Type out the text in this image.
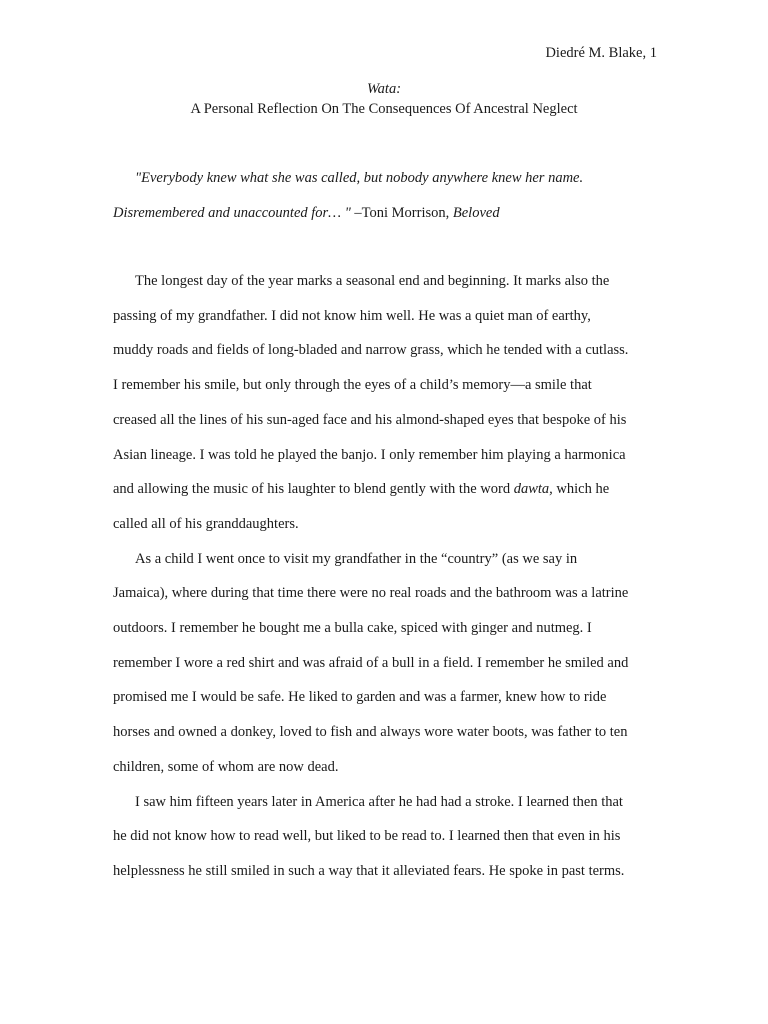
Diedré M. Blake, 1
Wata:
A Personal Reflection On The Consequences Of Ancestral Neglect
"Everybody knew what she was called, but nobody anywhere knew her name.
Disremembered and unaccounted for… " –Toni Morrison, Beloved
The longest day of the year marks a seasonal end and beginning. It marks also the
passing of my grandfather. I did not know him well. He was a quiet man of earthy,
muddy roads and fields of long-bladed and narrow grass, which he tended with a cutlass.
I remember his smile, but only through the eyes of a child’s memory—a smile that
creased all the lines of his sun-aged face and his almond-shaped eyes that bespoke of his
Asian lineage. I was told he played the banjo. I only remember him playing a harmonica
and allowing the music of his laughter to blend gently with the word dawta, which he
called all of his granddaughters.
As a child I went once to visit my grandfather in the “country” (as we say in
Jamaica), where during that time there were no real roads and the bathroom was a latrine
outdoors. I remember he bought me a bulla cake, spiced with ginger and nutmeg. I
remember I wore a red shirt and was afraid of a bull in a field. I remember he smiled and
promised me I would be safe. He liked to garden and was a farmer, knew how to ride
horses and owned a donkey, loved to fish and always wore water boots, was father to ten
children, some of whom are now dead.
I saw him fifteen years later in America after he had had a stroke. I learned then that
he did not know how to read well, but liked to be read to. I learned then that even in his
helplessness he still smiled in such a way that it alleviated fears. He spoke in past terms.
